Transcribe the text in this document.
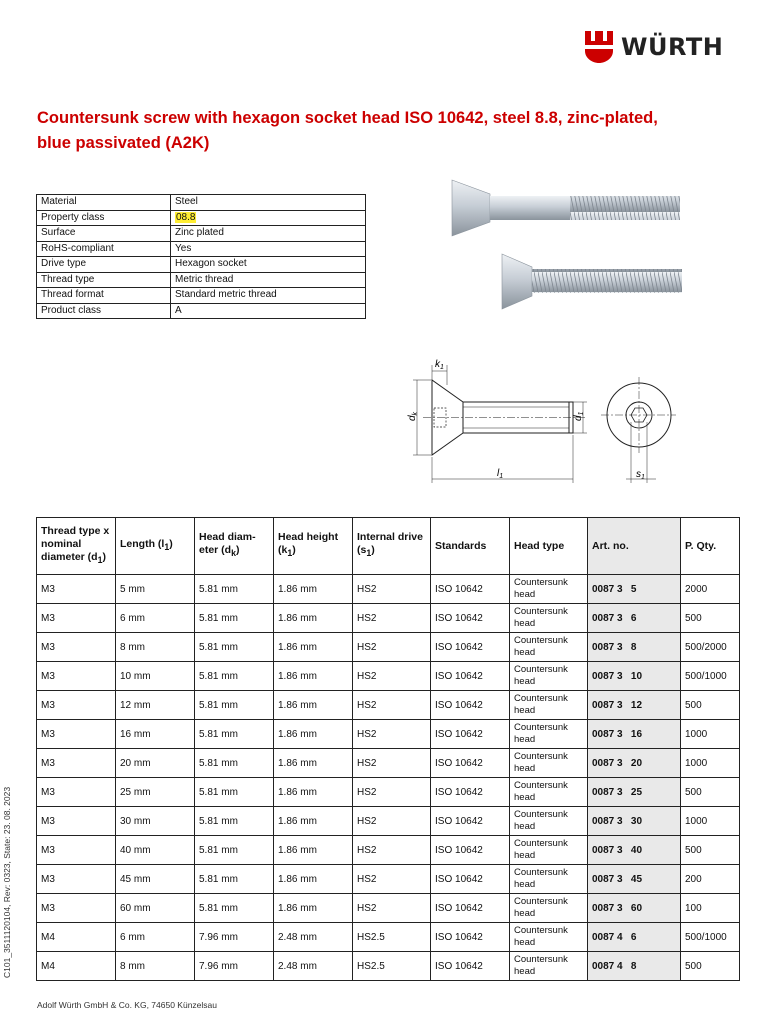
WÜRTH
Countersunk screw with hexagon socket head ISO 10642, steel 8.8, zinc-plated, blue passivated (A2K)
Material	Steel
Property class	08.8
Surface	Zinc plated
RoHS-compliant	Yes
Drive type	Hexagon socket
Thread type	Metric thread
Thread format	Standard metric thread
Product class	A
$k_1$
$d_k$
$d_1$
$l_1$	$s_1$
Thread type x nominal diameter $(d_1)$	Length $(l_1)$	Head diam-eter $(d_k)$	Head height $(k_1)$	Internal drive $(s_1)$	Standards	Head type	Art. no.	P. Qty.
M3	5 mm	5.81 mm	1.86 mm	HS2	ISO 10642	Countersunk head	0087 3   5	2000
M3	6 mm	5.81 mm	1.86 mm	HS2	ISO 10642	Countersunk head	0087 3   6	500
M3	8 mm	5.81 mm	1.86 mm	HS2	ISO 10642	Countersunk head	0087 3   8	500/2000
M3	10 mm	5.81 mm	1.86 mm	HS2	ISO 10642	Countersunk head	0087 3   10	500/1000
M3	12 mm	5.81 mm	1.86 mm	HS2	ISO 10642	Countersunk head	0087 3   12	500
M3	16 mm	5.81 mm	1.86 mm	HS2	ISO 10642	Countersunk head	0087 3   16	1000
M3	20 mm	5.81 mm	1.86 mm	HS2	ISO 10642	Countersunk head	0087 3   20	1000
M3	25 mm	5.81 mm	1.86 mm	HS2	ISO 10642	Countersunk head	0087 3   25	500
M3	30 mm	5.81 mm	1.86 mm	HS2	ISO 10642	Countersunk head	0087 3   30	1000
M3	40 mm	5.81 mm	1.86 mm	HS2	ISO 10642	Countersunk head	0087 3   40	500
M3	45 mm	5.81 mm	1.86 mm	HS2	ISO 10642	Countersunk head	0087 3   45	200
M3	60 mm	5.81 mm	1.86 mm	HS2	ISO 10642	Countersunk head	0087 3   60	100
M4	6 mm	7.96 mm	2.48 mm	HS2.5	ISO 10642	Countersunk head	0087 4   6	500/1000
M4	8 mm	7.96 mm	2.48 mm	HS2.5	ISO 10642	Countersunk head	0087 4   8	500
C101_3511120104, Rev: 0323, State: 23. 08. 2023
Adolf Würth GmbH & Co. KG, 74650 Künzelsau
